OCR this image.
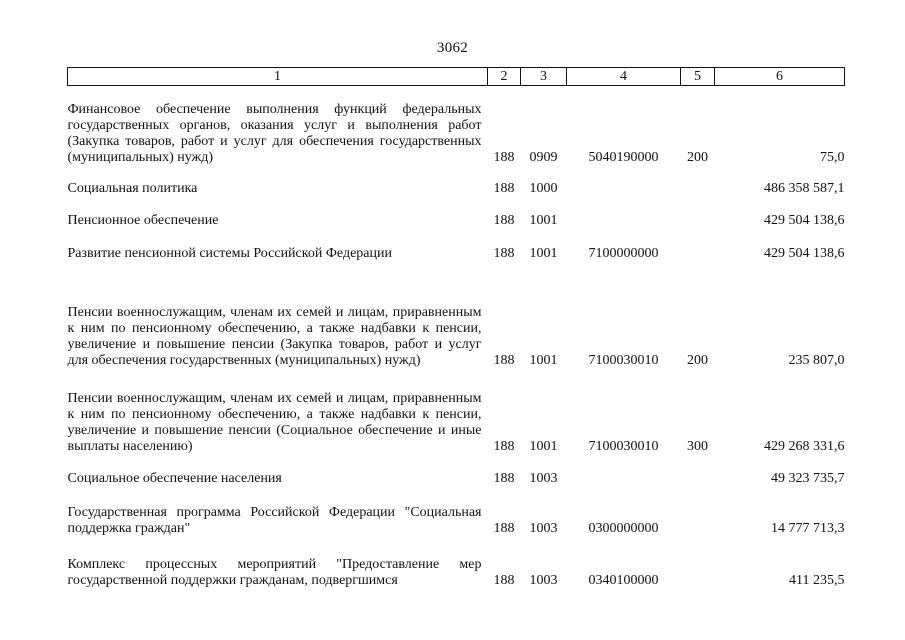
3062
1	2	3	4	5	6
Финансовое обеспечение выполнения функций федеральных государственных органов, оказания услуг и выполнения работ (Закупка товаров, работ и услуг для обеспечения государственных (муниципальных) нужд)	188	0909	5040190000	200	75,0
Социальная политика	188	1000			486 358 587,1
Пенсионное обеспечение	188	1001			429 504 138,6
Развитие пенсионной системы Российской Федерации	188	1001	7100000000		429 504 138,6
Пенсии военнослужащим, членам их семей и лицам, приравненным к ним по пенсионному обеспечению, а также надбавки к пенсии, увеличение и повышение пенсии (Закупка товаров, работ и услуг для обеспечения государственных (муниципальных) нужд)	188	1001	7100030010	200	235 807,0
Пенсии военнослужащим, членам их семей и лицам, приравненным к ним по пенсионному обеспечению, а также надбавки к пенсии, увеличение и повышение пенсии (Социальное обеспечение и иные выплаты населению)	188	1001	7100030010	300	429 268 331,6
Социальное обеспечение населения	188	1003			49 323 735,7
Государственная программа Российской Федерации "Социальная поддержка граждан"	188	1003	0300000000		14 777 713,3
Комплекс процессных мероприятий "Предоставление мер государственной поддержки гражданам, подвергшимся	188	1003	0340100000		411 235,5
